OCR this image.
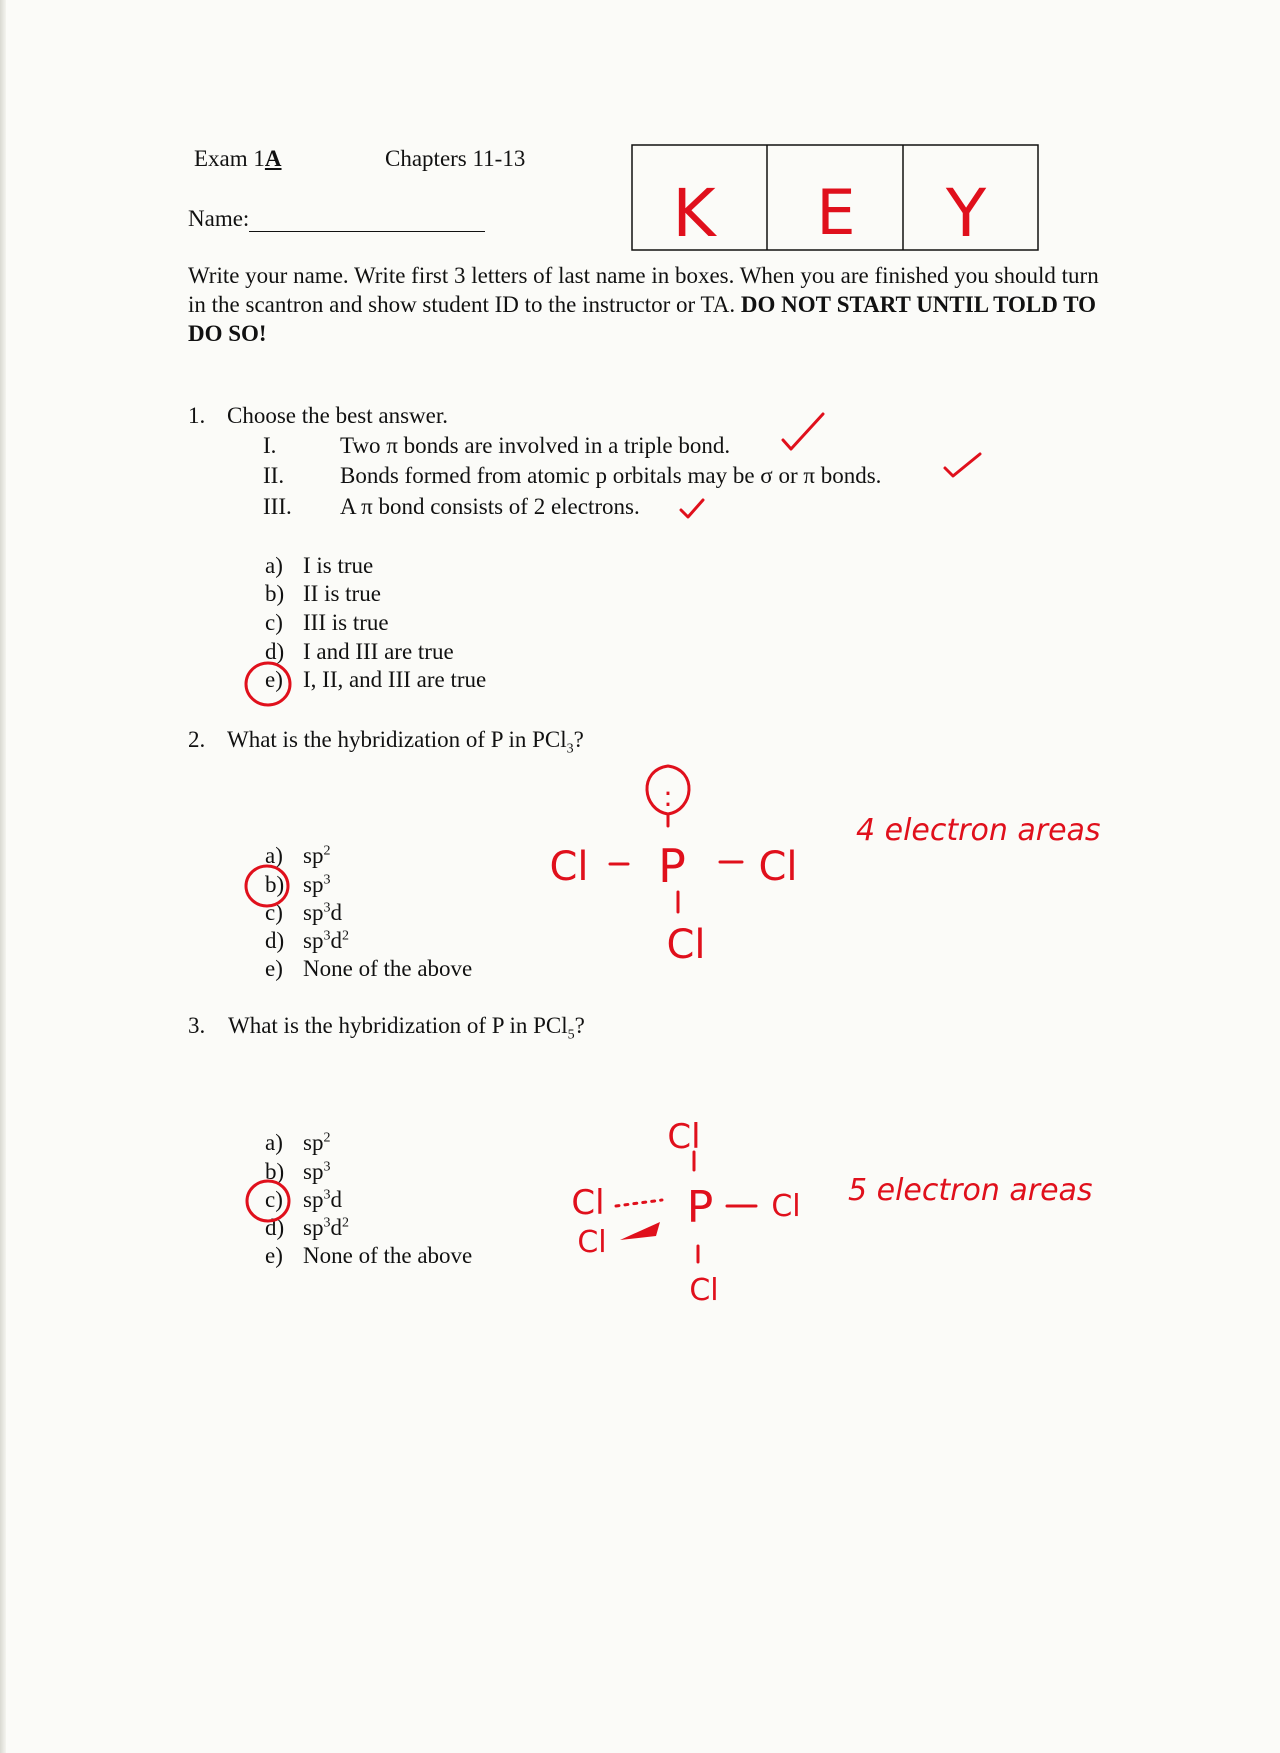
Exam 1A	Chapters 11-13
Name:
Write your name. Write first 3 letters of last name in boxes. When you are finished you should turn in the scantron and show student ID to the instructor or TA. DO NOT START UNTIL TOLD TO DO SO!
1. Choose the best answer.
I.	Two π bonds are involved in a triple bond.
II. Bonds formed from atomic p orbitals may be σ or π bonds.
III. A π bond consists of 2 electrons.
a) I is true
b) II is true
c) III is true
d) I and III are true
e) I, II, and III are true
2. What is the hybridization of P in PCl$_3$?
a) $sp^2$
b) $sp^3$
c) $sp^3d$
d) $sp^3d^2$
e) None of the above
3. What is the hybridization of P in PCl$_5$?
a) $sp^2$
b) $sp^3$
c) $sp^3d$
d) $sp^3d^2$
e) None of the above
K E Y
:
Cl P Cl
Cl
4 electron areas
Cl
Cl P Cl
Cl
Cl
5 electron areas
